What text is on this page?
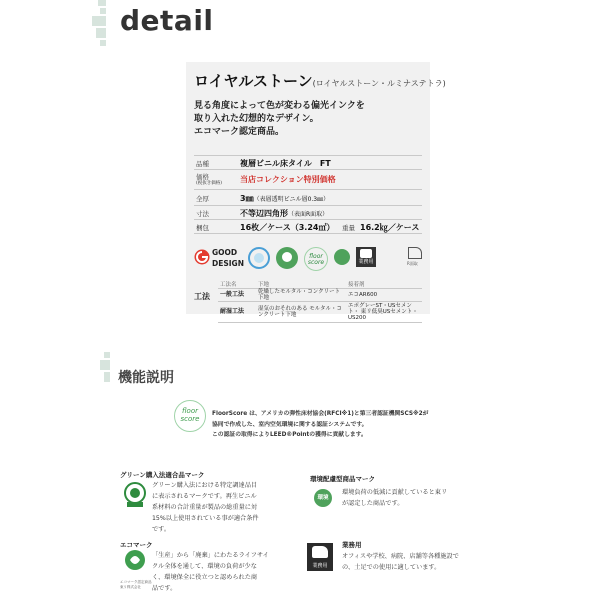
detail
ロイヤルストーン(ロイヤルストーン・ルミナステトラ)
見る角度によって色が変わる偏光インクを
取り入れた幻想的なデザイン。
エコマーク認定商品。
品種	複層ビニル床タイル　FT
価格
(税抜き価格) 当店コレクション特別価格
全厚	3㎜（表層透明ビニル層0.3㎜）
寸法	不等辺四角形（表面R面取）
梱包	16枚／ケース（3.24㎡） 重量 16.2㎏／ケース
GOOD
DESIGN
floor
score	業務用	R面取
工法
工法名	下地	接着剤
一般工法	乾燥したモルタル・コンクリート下地	エコAR600
耐湿工法	湿気のおそれのある モルタル・コンクリート下地	エポグレーST・USセメント・ 東リ低臭USセメント・US200
機能説明
floor
score
FloorScore は、アメリカの弾性床材協会(RFCI※1)と第三者認証機関SCS※2が
協同で作成した、室内空気環境に関する認証システムです。
この認証の取得によりLEED®Pointの獲得に貢献します。
グリーン購入法適合品マーク
グリーン購入法における特定調達品目
に表示されるマークです。再生ビニル
系材料の合計重量が製品の総重量に対
15%以上使用されている事が適合条件
です。
エコマーク
エコマーク認定商品
東リ株式会社
「生産」から「廃棄」にわたるライフサイ
クル全体を通して、環境の負荷が少な
く、環境保全に役立つと認められた商
品です。
環境配慮型商品マーク
環境
環境負荷の低減に貢献していると東リ
が認定した商品です。
業務用
業務用
オフィスや学校、病院、店舗等各種施設で
の、土足での使用に適しています。
